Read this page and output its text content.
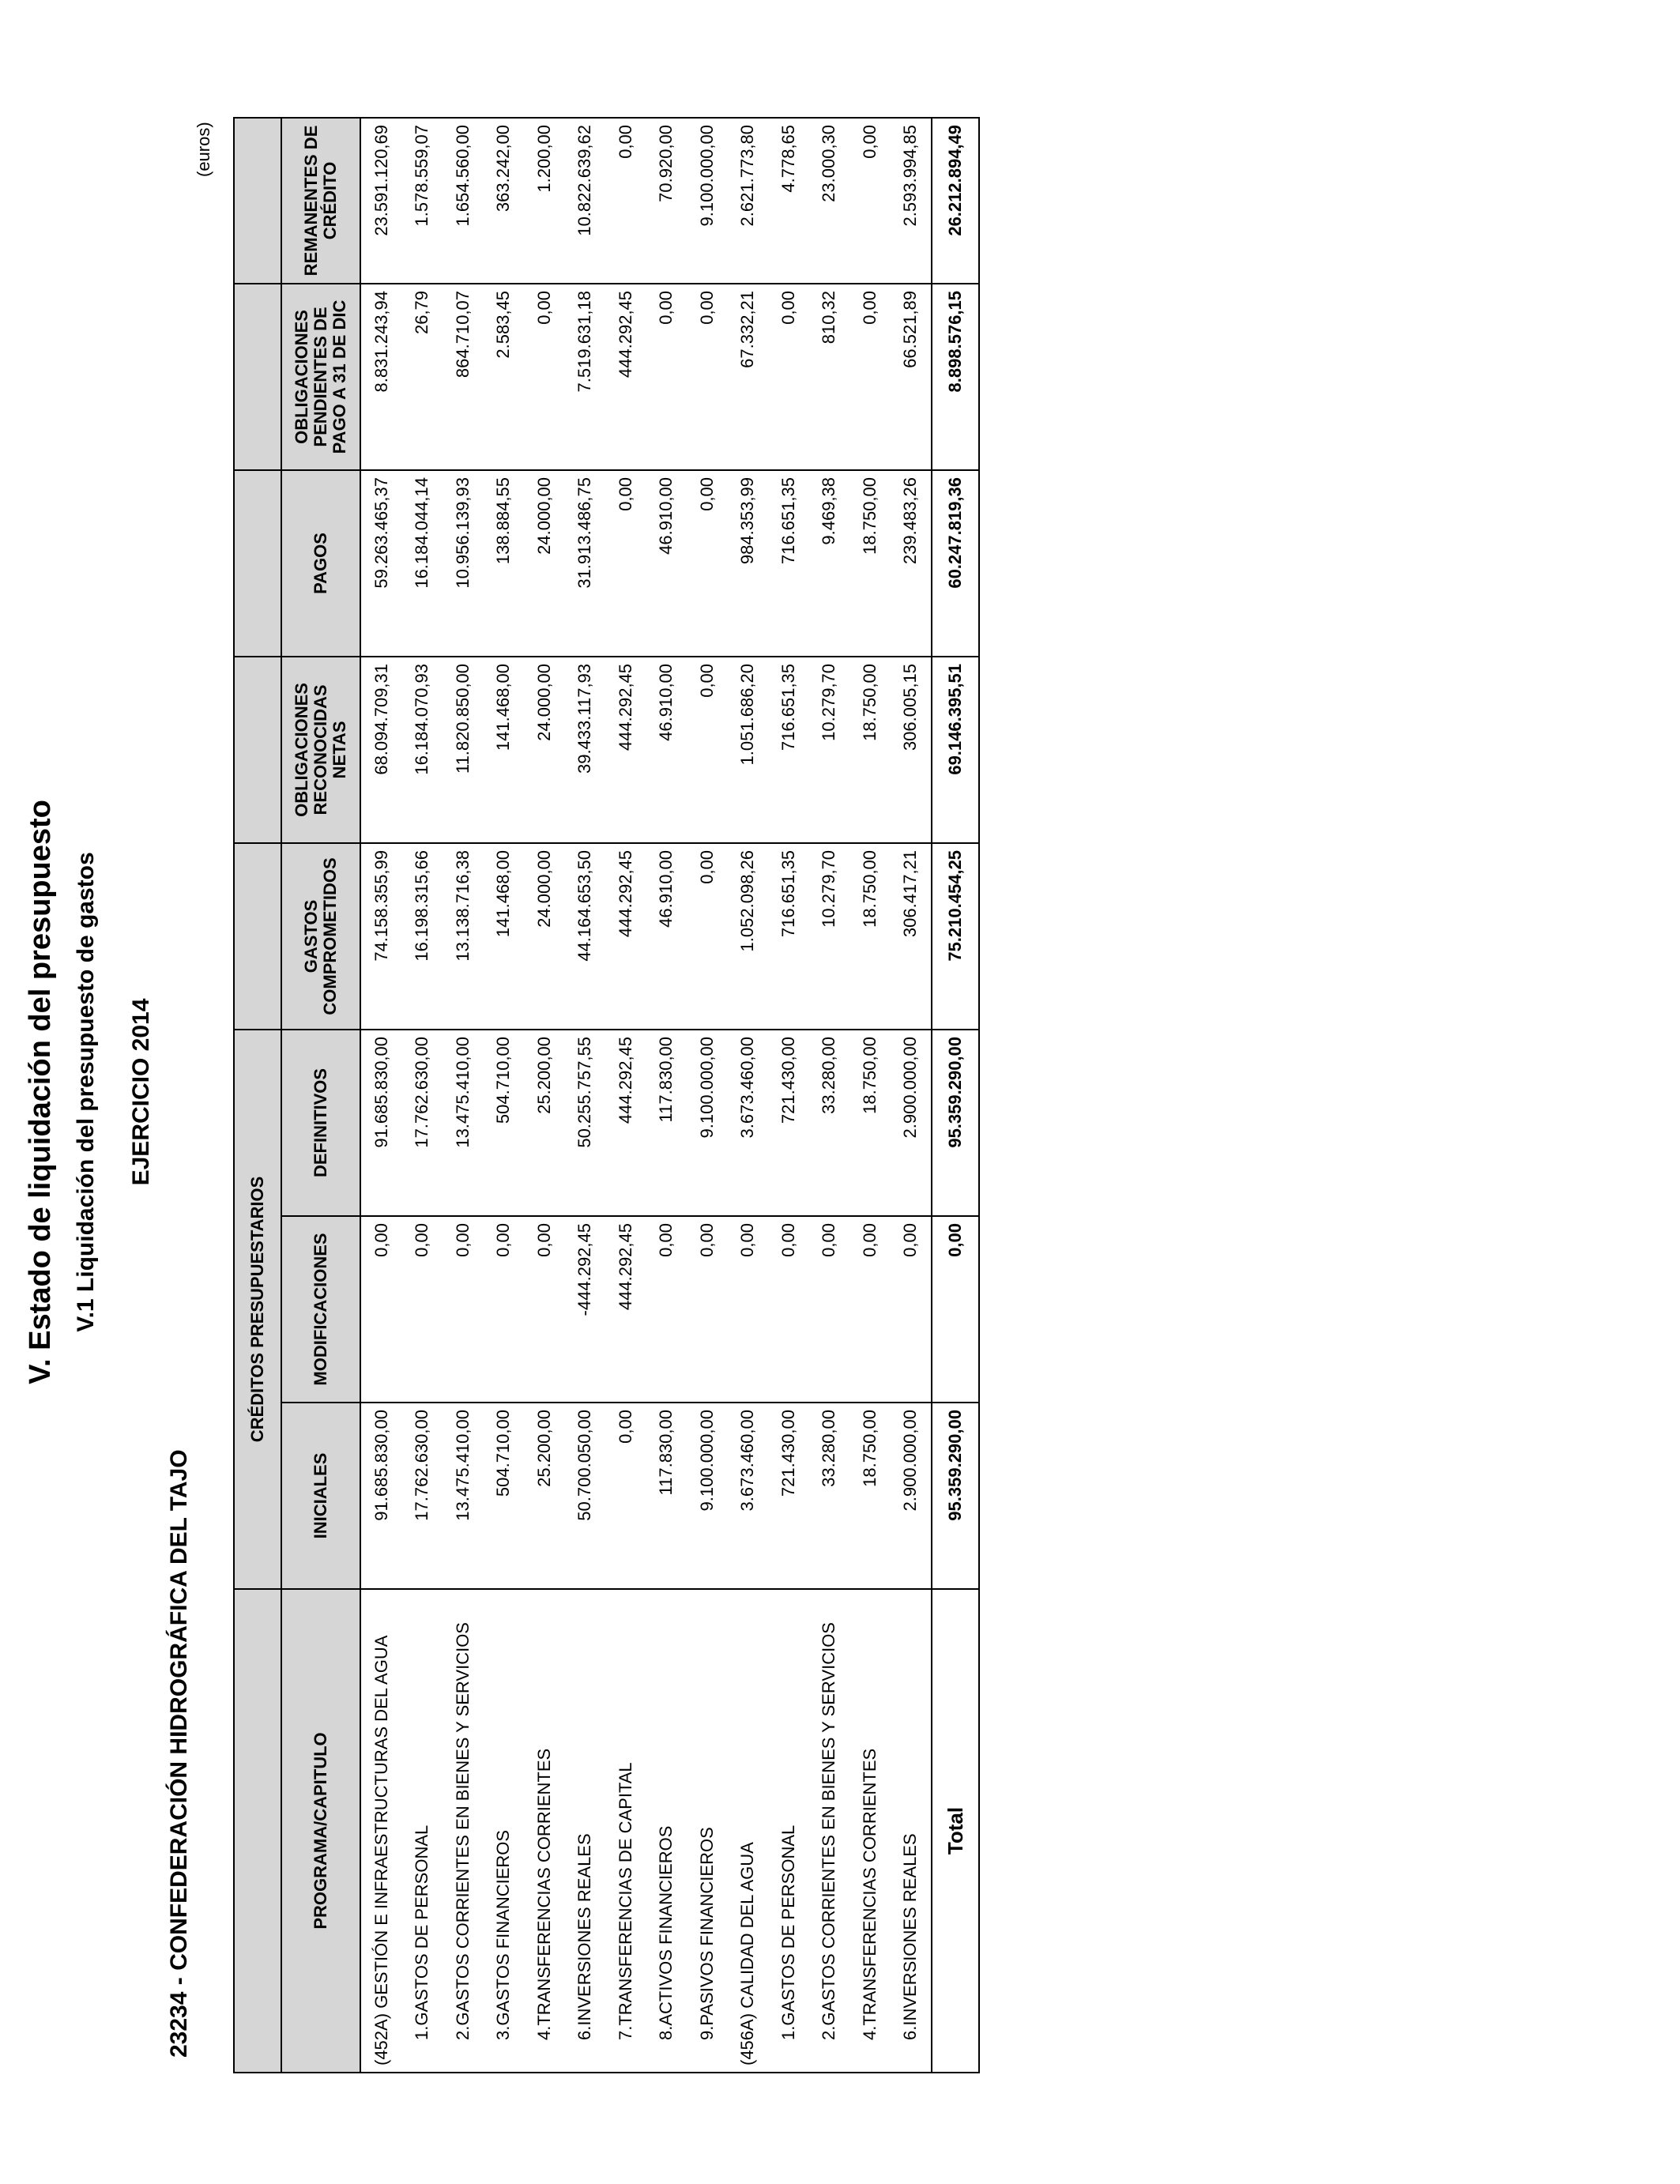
V. Estado de liquidación del presupuesto V.1 Liquidación del presupuesto de gastos EJERCICIO 2014
23234 - CONFEDERACIÓN HIDROGRÁFICA DEL TAJO
(euros)
	CRÉDITOS PRESUPUESTARIOS							
PROGRAMA/CAPITULO	INICIALES	MODIFICACIONES	DEFINITIVOS	GASTOS COMPROMETIDOS	OBLIGACIONES RECONOCIDAS NETAS	PAGOS	OBLIGACIONES PENDIENTES DE PAGO A 31 DE DIC	REMANENTES DE CRÉDITO
(452A) GESTIÓN E INFRAESTRUCTURAS DEL AGUA	91.685.830,00	0,00	91.685.830,00	74.158.355,99	68.094.709,31	59.263.465,37	8.831.243,94	23.591.120,69
1.GASTOS DE PERSONAL	17.762.630,00	0,00	17.762.630,00	16.198.315,66	16.184.070,93	16.184.044,14	26,79	1.578.559,07
2.GASTOS CORRIENTES EN BIENES Y SERVICIOS	13.475.410,00	0,00	13.475.410,00	13.138.716,38	11.820.850,00	10.956.139,93	864.710,07	1.654.560,00
3.GASTOS FINANCIEROS	504.710,00	0,00	504.710,00	141.468,00	141.468,00	138.884,55	2.583,45	363.242,00
4.TRANSFERENCIAS CORRIENTES	25.200,00	0,00	25.200,00	24.000,00	24.000,00	24.000,00	0,00	1.200,00
6.INVERSIONES REALES	50.700.050,00	-444.292,45	50.255.757,55	44.164.653,50	39.433.117,93	31.913.486,75	7.519.631,18	10.822.639,62
7.TRANSFERENCIAS DE CAPITAL	0,00	444.292,45	444.292,45	444.292,45	444.292,45	0,00	444.292,45	0,00
8.ACTIVOS FINANCIEROS	117.830,00	0,00	117.830,00	46.910,00	46.910,00	46.910,00	0,00	70.920,00
9.PASIVOS FINANCIEROS	9.100.000,00	0,00	9.100.000,00	0,00	0,00	0,00	0,00	9.100.000,00
(456A) CALIDAD DEL AGUA	3.673.460,00	0,00	3.673.460,00	1.052.098,26	1.051.686,20	984.353,99	67.332,21	2.621.773,80
1.GASTOS DE PERSONAL	721.430,00	0,00	721.430,00	716.651,35	716.651,35	716.651,35	0,00	4.778,65
2.GASTOS CORRIENTES EN BIENES Y SERVICIOS	33.280,00	0,00	33.280,00	10.279,70	10.279,70	9.469,38	810,32	23.000,30
4.TRANSFERENCIAS CORRIENTES	18.750,00	0,00	18.750,00	18.750,00	18.750,00	18.750,00	0,00	0,00
6.INVERSIONES REALES	2.900.000,00	0,00	2.900.000,00	306.417,21	306.005,15	239.483,26	66.521,89	2.593.994,85
Total	95.359.290,00	0,00	95.359.290,00	75.210.454,25	69.146.395,51	60.247.819,36	8.898.576,15	26.212.894,49
